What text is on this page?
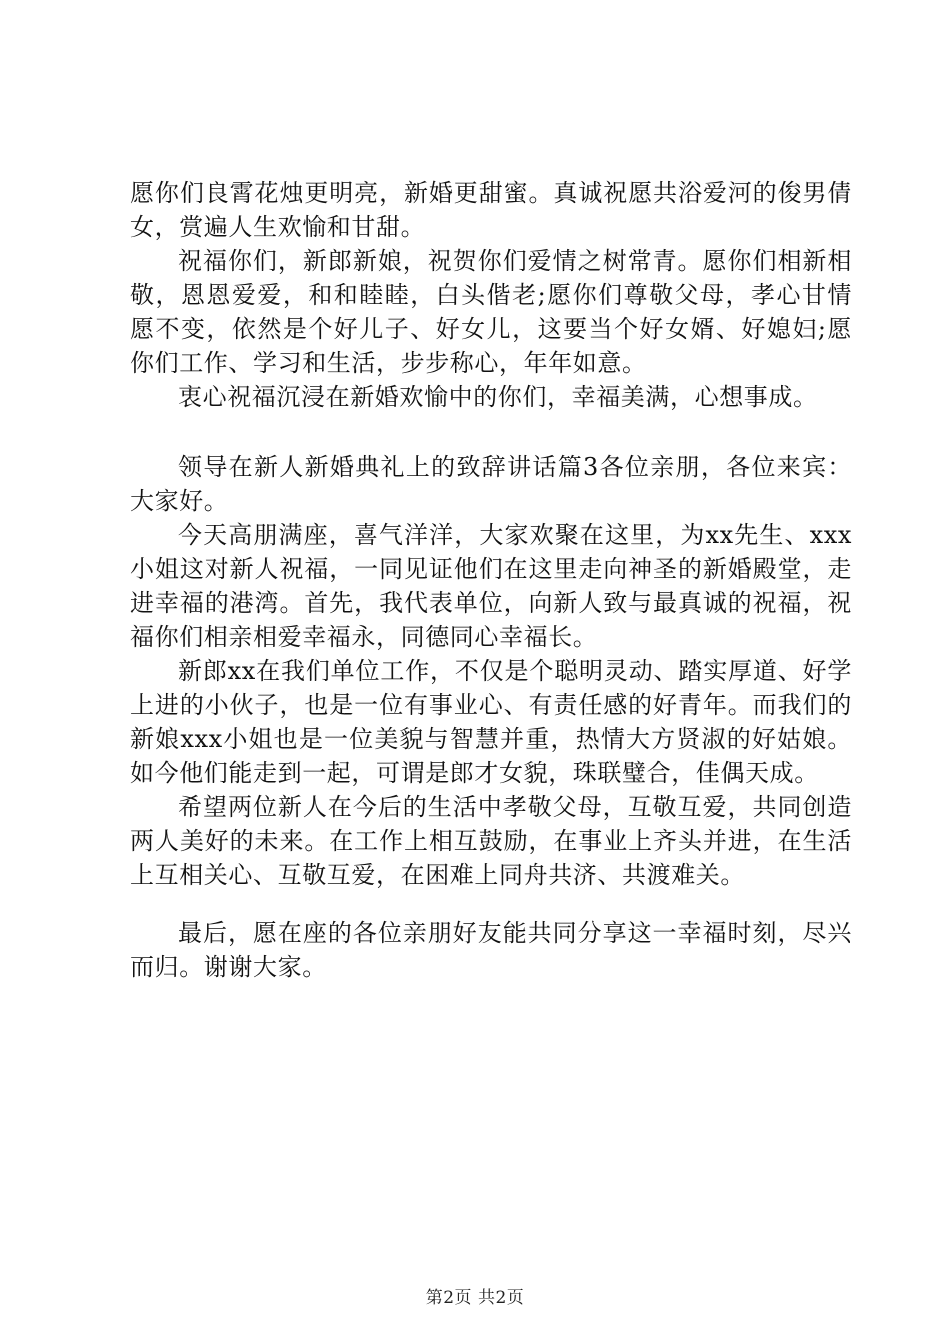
愿你们良霄花烛更明亮，新婚更甜蜜。真诚祝愿共浴爱河的俊男倩女，赏遍人生欢愉和甘甜。

祝福你们，新郎新娘，祝贺你们爱情之树常青。愿你们相新相敬，恩恩爱爱，和和睦睦，白头偕老;愿你们尊敬父母，孝心甘情愿不变，依然是个好儿子、好女儿，这要当个好女婿、好媳妇;愿你们工作、学习和生活，步步称心，年年如意。

衷心祝福沉浸在新婚欢愉中的你们，幸福美满，心想事成。

领导在新人新婚典礼上的致辞讲话篇3各位亲朋，各位来宾：大家好。

今天高朋满座，喜气洋洋，大家欢聚在这里，为xx先生、xxx小姐这对新人祝福，一同见证他们在这里走向神圣的新婚殿堂，走进幸福的港湾。首先，我代表单位，向新人致与最真诚的祝福，祝福你们相亲相爱幸福永，同德同心幸福长。

新郎xx在我们单位工作，不仅是个聪明灵动、踏实厚道、好学上进的小伙子，也是一位有事业心、有责任感的好青年。而我们的新娘xxx小姐也是一位美貌与智慧并重，热情大方贤淑的好姑娘。如今他们能走到一起，可谓是郎才女貌，珠联璧合，佳偶天成。

希望两位新人在今后的生活中孝敬父母，互敬互爱，共同创造两人美好的未来。在工作上相互鼓励，在事业上齐头并进，在生活上互相关心、互敬互爱，在困难上同舟共济、共渡难关。

最后，愿在座的各位亲朋好友能共同分享这一幸福时刻，尽兴而归。谢谢大家。

第2页 共2页
